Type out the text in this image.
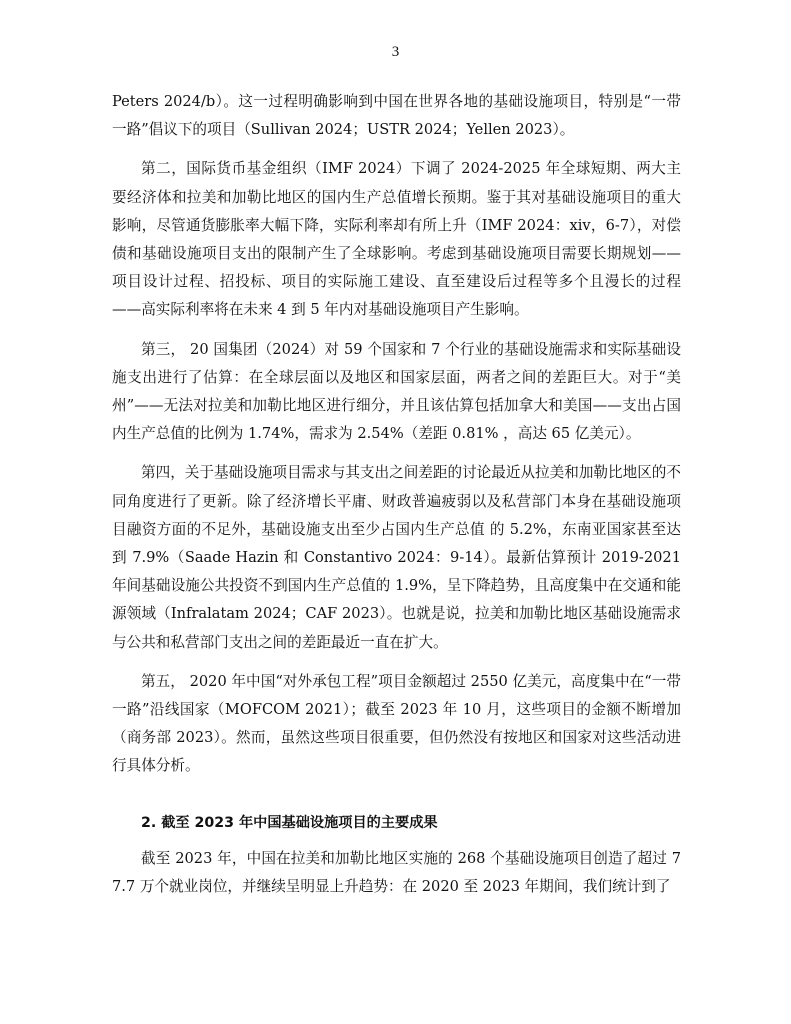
3

Peters 2024/b）。这一过程明确影响到中国在世界各地的基础设施项目，特别是“一带一路”倡议下的项目（Sullivan 2024；USTR 2024；Yellen 2023）。

第二，国际货币基金组织（IMF 2024）下调了 2024-2025 年全球短期、两大主要经济体和拉美和加勒比地区的国内生产总值增长预期。鉴于其对基础设施项目的重大影响，尽管通货膨胀率大幅下降，实际利率却有所上升（IMF 2024：xiv，6-7），对偿债和基础设施项目支出的限制产生了全球影响。考虑到基础设施项目需要长期规划——项目设计过程、招投标、项目的实际施工建设、直至建设后过程等多个且漫长的过程——高实际利率将在未来 4 到 5 年内对基础设施项目产生影响。

第三， 20 国集团（2024）对 59 个国家和 7 个行业的基础设施需求和实际基础设施支出进行了估算：在全球层面以及地区和国家层面，两者之间的差距巨大。对于“美州”——无法对拉美和加勒比地区进行细分，并且该估算包括加拿大和美国——支出占国内生产总值的比例为 1.74%，需求为 2.54%（差距 0.81% ，高达 65 亿美元）。

第四，关于基础设施项目需求与其支出之间差距的讨论最近从拉美和加勒比地区的不同角度进行了更新。除了经济增长平庸、财政普遍疲弱以及私营部门本身在基础设施项目融资方面的不足外，基础设施支出至少占国内生产总值 的 5.2%，东南亚国家甚至达到 7.9%（Saade Hazin 和 Constantivo 2024：9-14）。最新估算预计 2019-2021 年间基础设施公共投资不到国内生产总值的 1.9%，呈下降趋势，且高度集中在交通和能源领域（Infralatam 2024；CAF 2023）。也就是说，拉美和加勒比地区基础设施需求与公共和私营部门支出之间的差距最近一直在扩大。

第五， 2020 年中国“对外承包工程”项目金额超过 2550 亿美元，高度集中在“一带一路”沿线国家（MOFCOM 2021）；截至 2023 年 10 月，这些项目的金额不断增加（商务部 2023）。然而，虽然这些项目很重要，但仍然没有按地区和国家对这些活动进行具体分析。

2. 截至 2023 年中国基础设施项目的主要成果

截至 2023 年，中国在拉美和加勒比地区实施的 268 个基础设施项目创造了超过 77.7 万个就业岗位，并继续呈明显上升趋势：在 2020 至 2023 年期间，我们统计到了
